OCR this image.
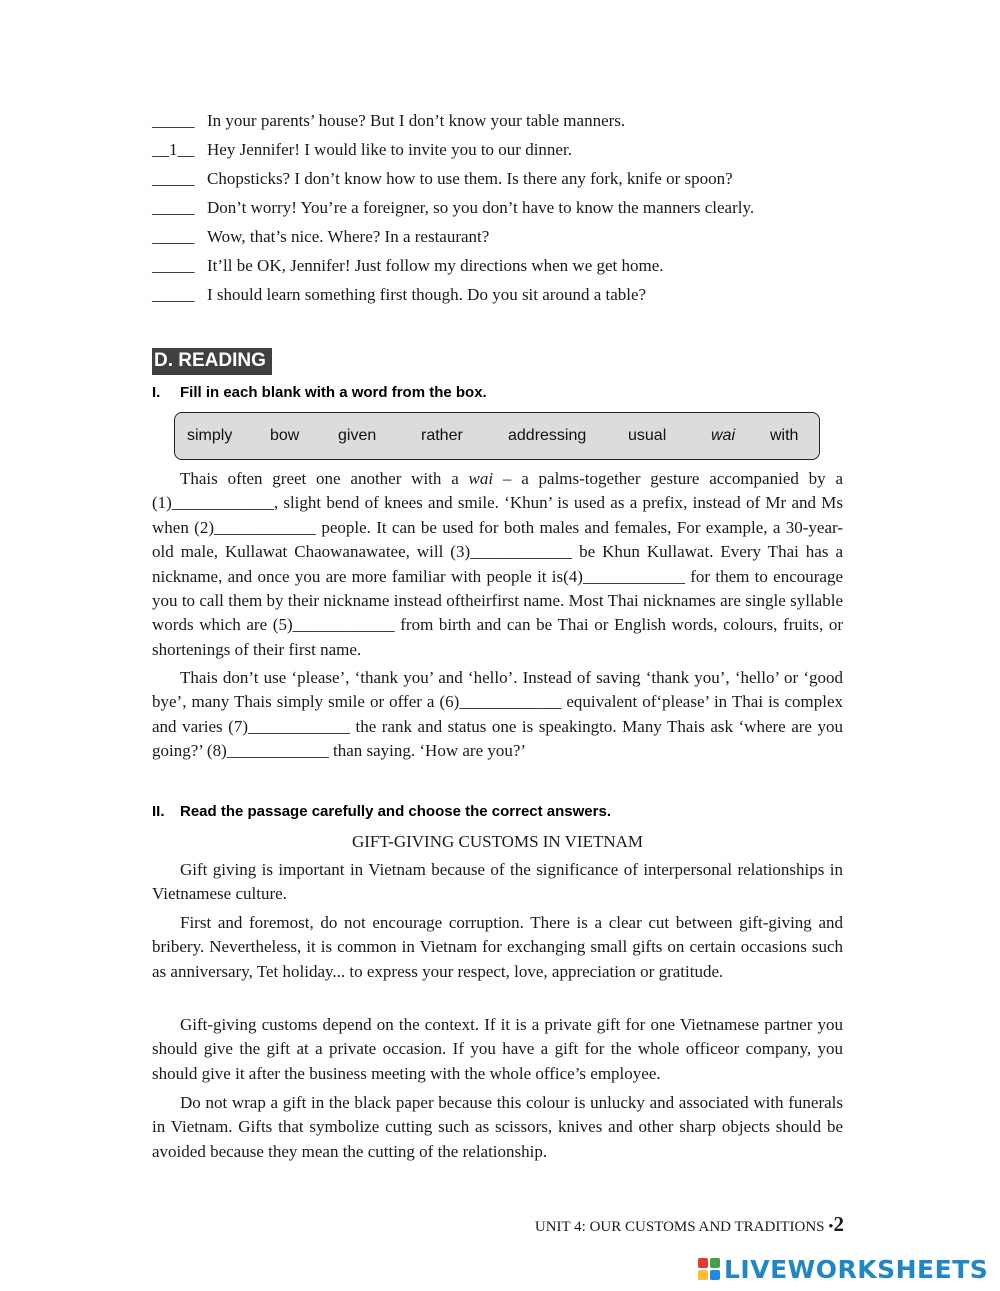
_____ In your parents’ house? But I don’t know your table manners.
__1__ Hey Jennifer! I would like to invite you to our dinner.
_____ Chopsticks? I don’t know how to use them. Is there any fork, knife or spoon?
_____ Don’t worry! You’re a foreigner, so you don’t have to know the manners clearly.
_____ Wow, that’s nice. Where? In a restaurant?
_____ It’ll be OK, Jennifer! Just follow my directions when we get home.
_____ I should learn something first though. Do you sit around a table?
D. READING
I. Fill in each blank with a word from the box.
simply bow given	rather	addressing	usual	wai with

Thais often greet one another with a wai – a palms-together gesture accompanied by a (1)____________, slight bend of knees and smile. ‘Khun’ is used as a prefix, instead of Mr and Ms when (2)____________ people. It can be used for both males and females, For example, a 30-year-old male, Kullawat Chaowanawatee, will (3)____________ be Khun Kullawat. Every Thai has a nickname, and once you are more familiar with people it is(4)____________ for them to encourage you to call them by their nickname instead oftheirfirst name. Most Thai nicknames are single syllable words which are (5)____________ from birth and can be Thai or English words, colours, fruits, or shortenings of their first name.

Thais don’t use ‘please’, ‘thank you’ and ‘hello’. Instead of saving ‘thank you’, ‘hello’ or ‘good bye’, many Thais simply smile or offer a (6)____________ equivalent of‘please’ in Thai is complex and varies (7)____________ the rank and status one is speakingto. Many Thais ask ‘where are you going?’ (8)____________ than saying. ‘How are you?’

II. Read the passage carefully and choose the correct answers.
GIFT-GIVING CUSTOMS IN VIETNAM

Gift giving is important in Vietnam because of the significance of interpersonal relationships in Vietnamese culture.

First and foremost, do not encourage corruption. There is a clear cut between gift-giving and bribery. Nevertheless, it is common in Vietnam for exchanging small gifts on certain occasions such as anniversary, Tet holiday... to express your respect, love, appreciation or gratitude.

Gift-giving customs depend on the context. If it is a private gift for one Vietnamese partner you should give the gift at a private occasion. If you have a gift for the whole officeor company, you should give it after the business meeting with the whole office’s employee.

Do not wrap a gift in the black paper because this colour is unlucky and associated with funerals in Vietnam. Gifts that symbolize cutting such as scissors, knives and other sharp objects should be avoided because they mean the cutting of the relationship.

UNIT 4: OUR CUSTOMS AND TRADITIONS •2
LIVEWORKSHEETS
